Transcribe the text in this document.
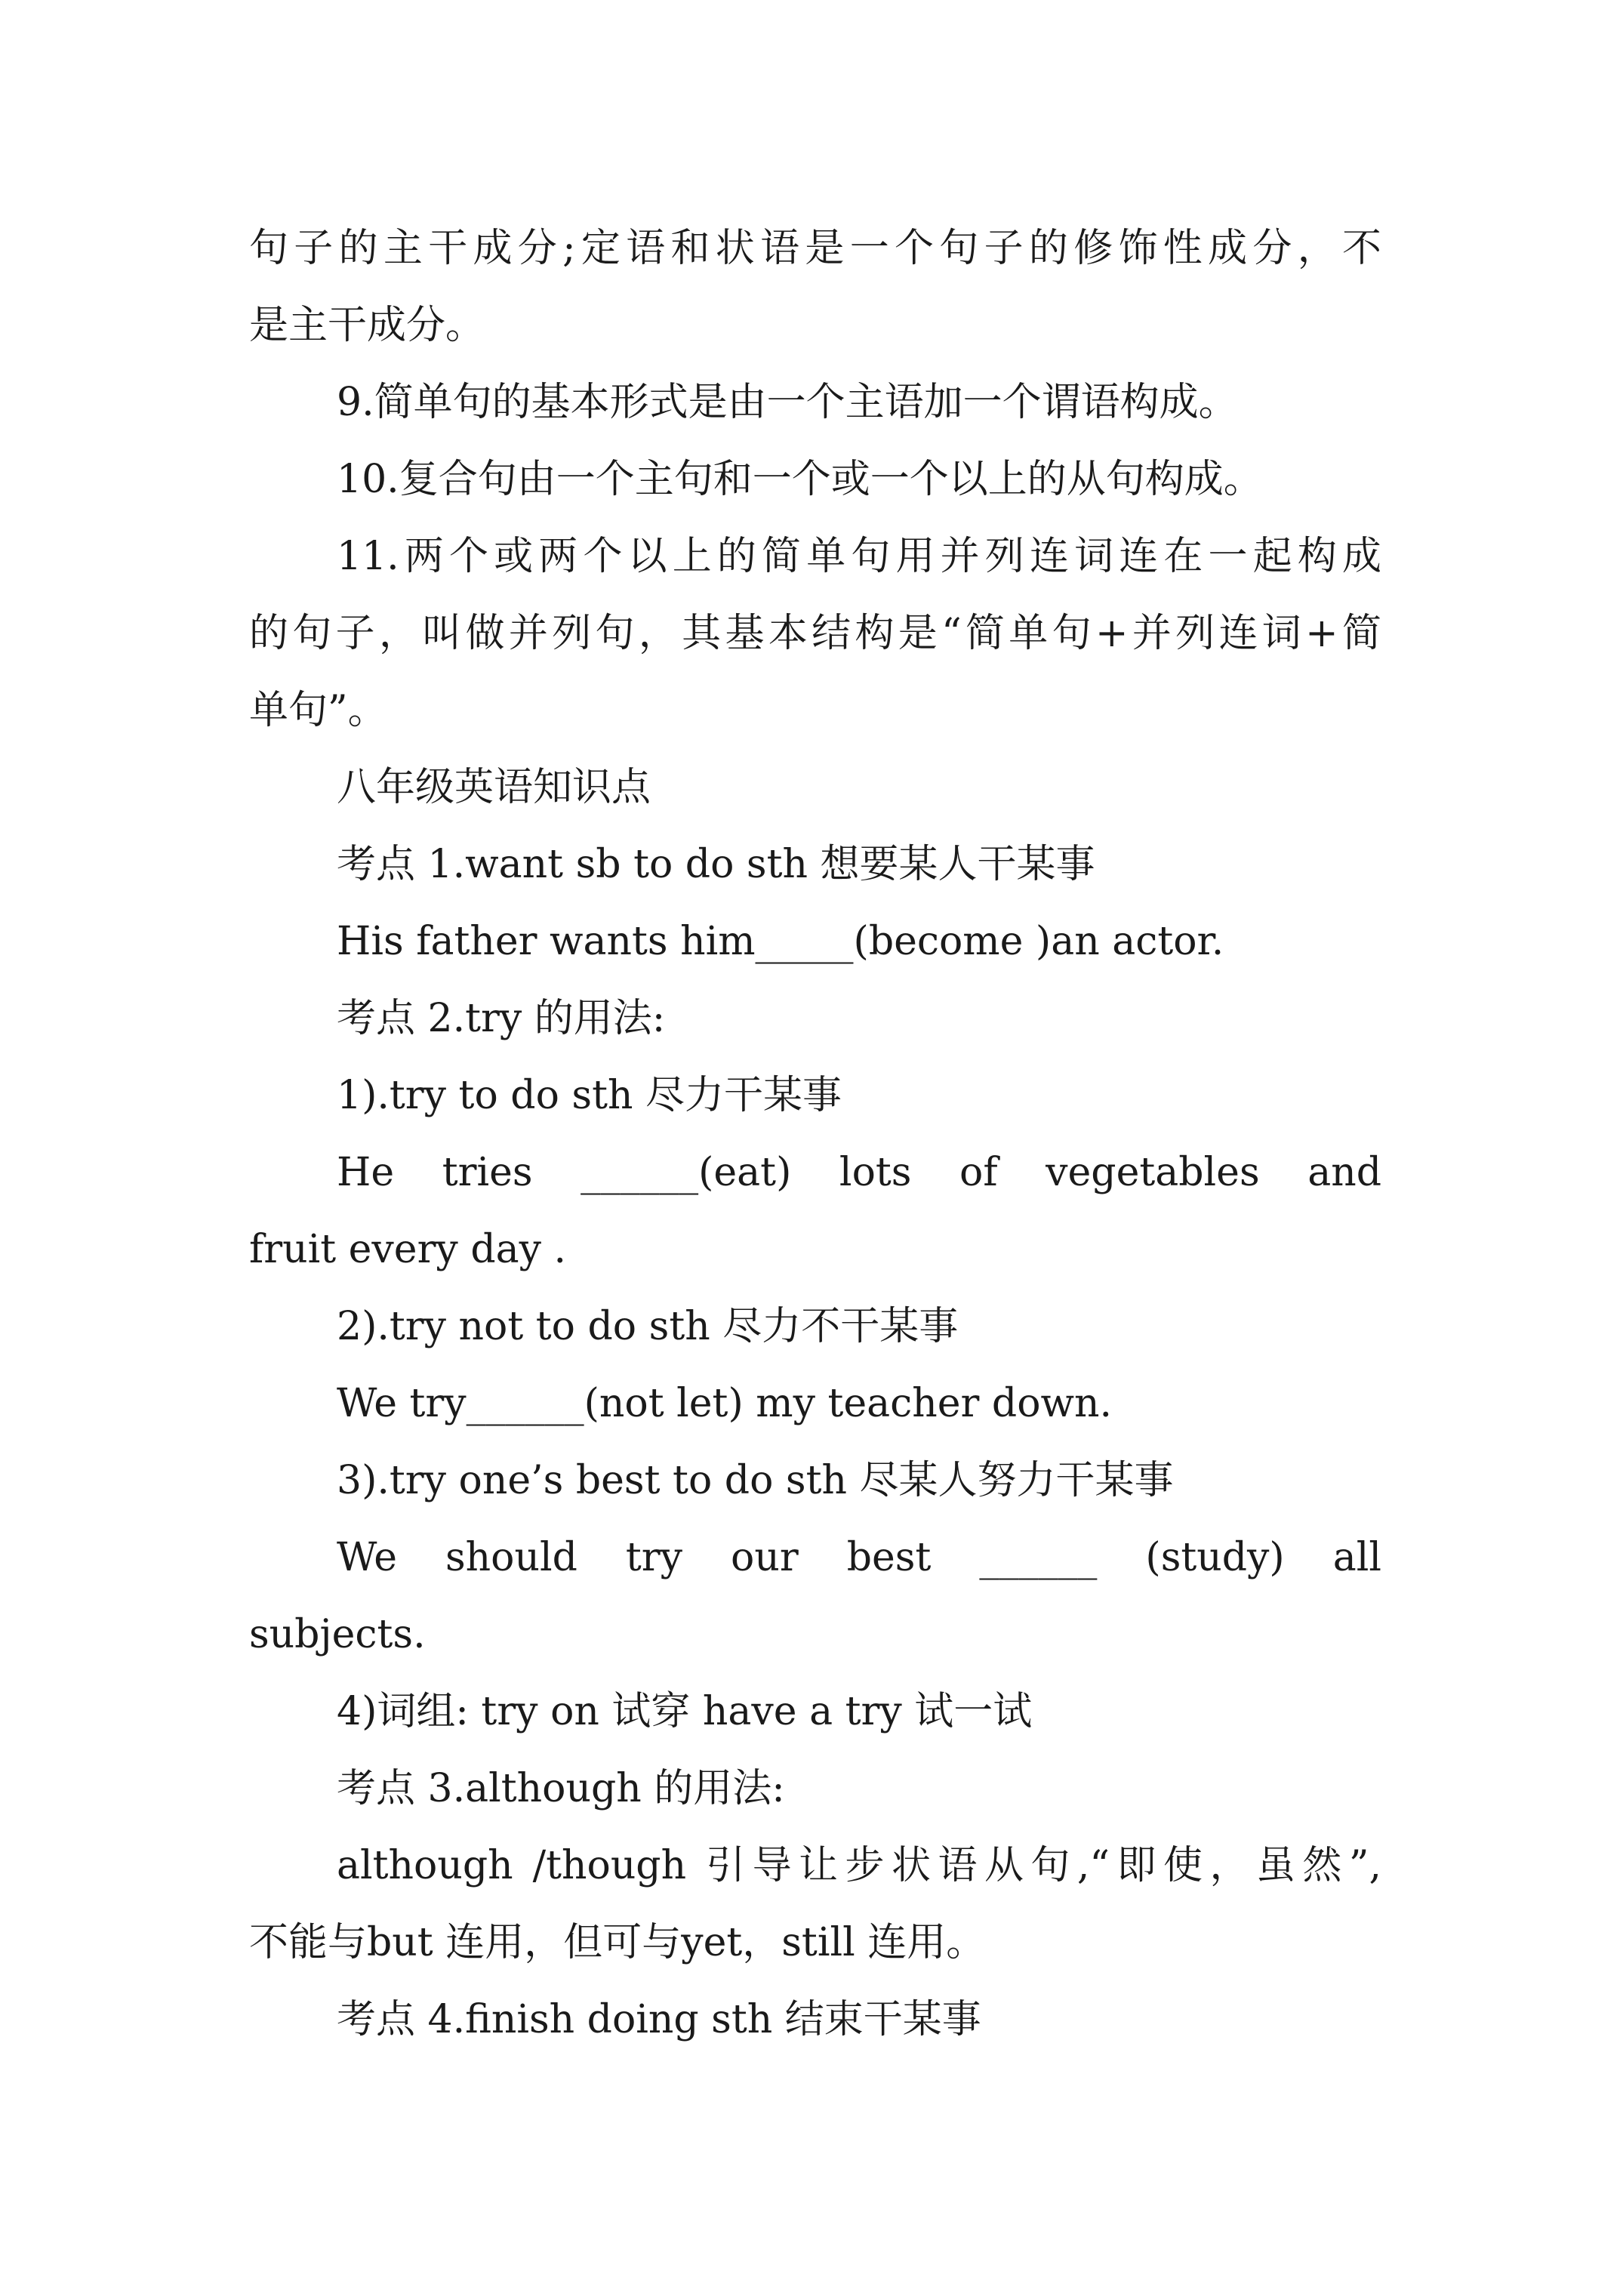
句子的主干成分;定语和状语是一个句子的修饰性成分，不
是主干成分。
9.简单句的基本形式是由一个主语加一个谓语构成。
10.复合句由一个主句和一个或一个以上的从句构成。
11.两个或两个以上的简单句用并列连词连在一起构成
的句子，叫做并列句，其基本结构是“简单句+并列连词+简
单句”。
八年级英语知识点
考点 1.want sb to do sth 想要某人干某事
His father wants him_____(become )an actor.
考点 2.try 的用法:
1).try to do sth 尽力干某事
He tries ______(eat) lots of vegetables and
fruit every day .
2).try not to do sth 尽力不干某事
We try______(not let) my teacher down.
3).try one’s best to do sth 尽某人努力干某事
We should try our best ______ (study) all
subjects.
4)词组: try on 试穿 have a try 试一试
考点 3.although 的用法:
although /though 引导让步状语从句,“即使，虽然”,
不能与but 连用，但可与yet，still 连用。
考点 4.finish doing sth 结束干某事
